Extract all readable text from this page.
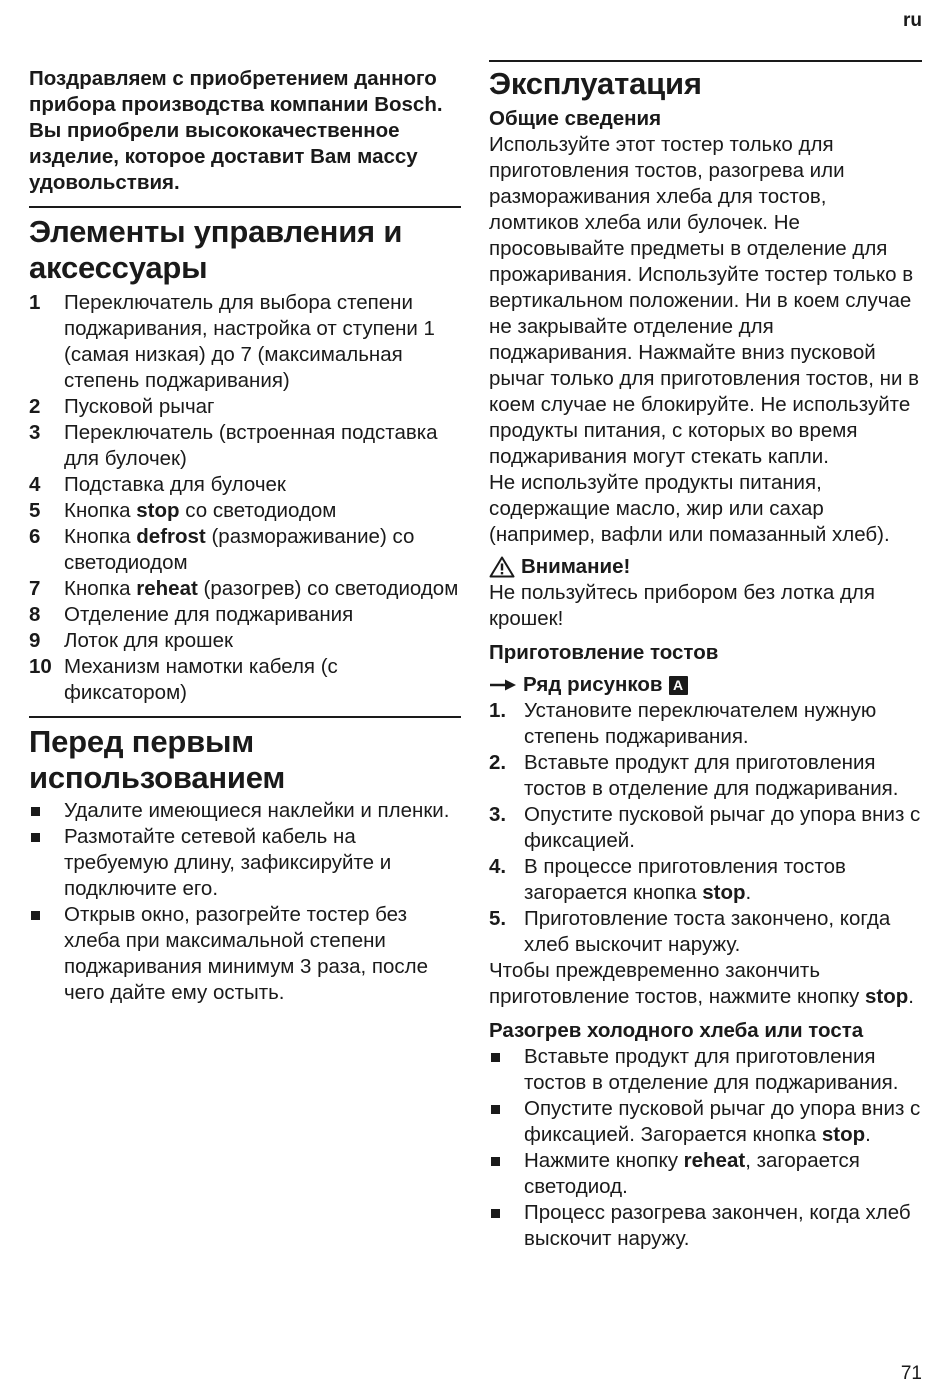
ru
Поздравляем с приобретением данного прибора производства компании Bosch. Вы приобрели высококачественное изделие, которое доставит Вам массу удовольствия.
Элементы управления и аксессуары
1 Переключатель для выбора степени поджаривания, настройка от ступени 1 (самая низкая) до 7 (максимальная степень поджаривания)
2 Пусковой рычаг
3 Переключатель (встроенная подставка для булочек)
4 Подставка для булочек
5 Кнопка stop со светодиодом
6 Кнопка defrost (размораживание) со светодиодом
7 Кнопка reheat (разогрев) со светодиодом
8 Отделение для поджаривания
9 Лоток для крошек
10 Механизм намотки кабеля (с фиксатором)
Перед первым использованием
Удалите имеющиеся наклейки и пленки.
Размотайте сетевой кабель на требуемую длину, зафиксируйте и подключите его.
Открыв окно, разогрейте тостер без хлеба при максимальной степени поджаривания минимум 3 раза, после чего дайте ему остыть.
Эксплуатация
Общие сведения

Используйте этот тостер только для приготовления тостов, разогрева или размораживания хлеба для тостов, ломтиков хлеба или булочек. Не просовывайте предметы в отделение для прожаривания. Используйте тостер только в вертикальном положении. Ни в коем случае не закрывайте отделение для поджаривания. Нажмайте вниз пусковой рычаг только для приготовления тостов, ни в коем случае не блокируйте. Не используйте продукты питания, с которых во время поджаривания могут стекать капли.

Не используйте продукты питания, содержащие масло, жир или сахар (например, вафли или помазанный хлеб).

Внимание!

Не пользуйтесь прибором без лотка для крошек!

Приготовление тостов
Ряд рисунков A
1. Установите переключателем нужную степень поджаривания.
2. Вставьте продукт для приготовления тостов в отделение для поджаривания.
3. Опустите пусковой рычаг до упора вниз с фиксацией.
4. В процессе приготовления тостов загорается кнопка stop.
5. Приготовление тоста закончено, когда хлеб выскочит наружу.

Чтобы преждевременно закончить приготовление тостов, нажмите кнопку stop.

Разогрев холодного хлеба или тоста
Вставьте продукт для приготовления тостов в отделение для поджаривания.
Опустите пусковой рычаг до упора вниз с фиксацией. Загорается кнопка stop.
Нажмите кнопку reheat, загорается светодиод.
Процесс разогрева закончен, когда хлеб выскочит наружу.
71
